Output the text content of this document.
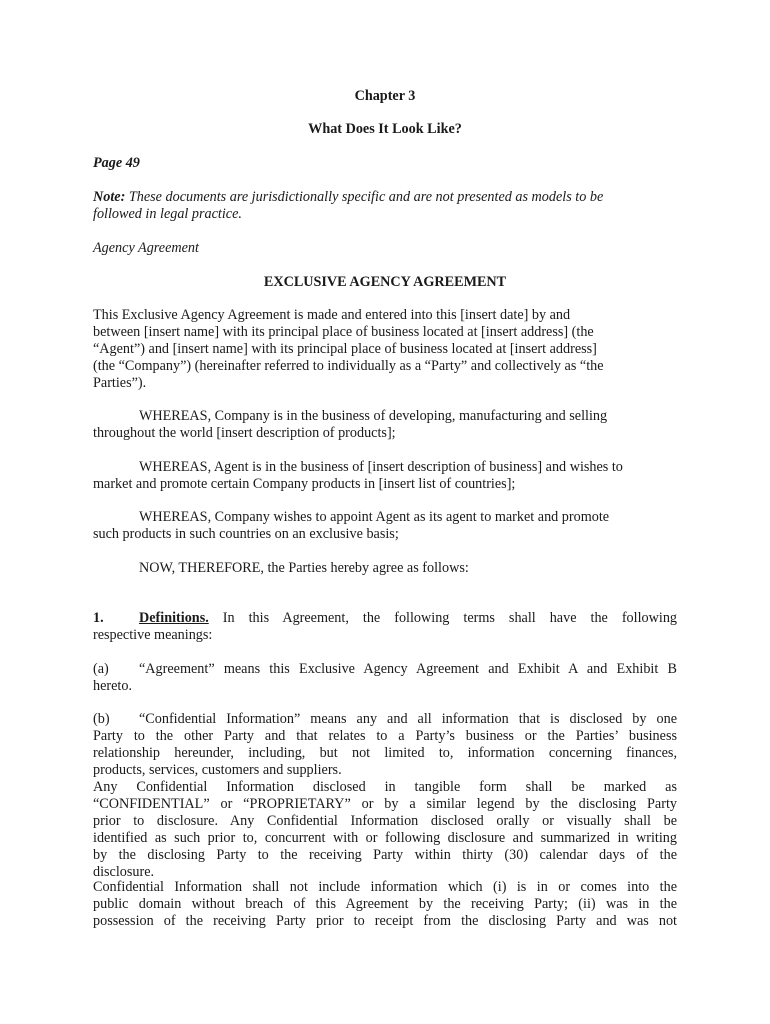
Chapter 3
What Does It Look Like?
Page 49
Note: These documents are jurisdictionally specific and are not presented as models to be
followed in legal practice.
Agency Agreement
EXCLUSIVE AGENCY AGREEMENT
This Exclusive Agency Agreement is made and entered into this [insert date] by and
between [insert name] with its principal place of business located at [insert address] (the
“Agent”) and [insert name] with its principal place of business located at [insert address]
(the “Company”) (hereinafter referred to individually as a “Party” and collectively as “the
Parties”).
WHEREAS, Company is in the business of developing, manufacturing and selling
throughout the world [insert description of products];
WHEREAS, Agent is in the business of [insert description of business] and wishes to
market and promote certain Company products in [insert list of countries];
WHEREAS, Company wishes to appoint Agent as its agent to market and promote
such products in such countries on an exclusive basis;
NOW, THEREFORE, the Parties hereby agree as follows:
1. Definitions. In this Agreement, the following terms shall have the following
respective meanings:
(a) “Agreement” means this Exclusive Agency Agreement and Exhibit A and Exhibit B
hereto.
(b) “Confidential Information” means any and all information that is disclosed by one
Party to the other Party and that relates to a Party’s business or the Parties’ business
relationship hereunder, including, but not limited to, information concerning finances,
products, services, customers and suppliers.
Any Confidential Information disclosed in tangible form shall be marked as
“CONFIDENTIAL” or “PROPRIETARY” or by a similar legend by the disclosing Party
prior to disclosure. Any Confidential Information disclosed orally or visually shall be
identified as such prior to, concurrent with or following disclosure and summarized in writing
by the disclosing Party to the receiving Party within thirty (30) calendar days of the
disclosure.
Confidential Information shall not include information which (i) is in or comes into the
public domain without breach of this Agreement by the receiving Party; (ii) was in the
possession of the receiving Party prior to receipt from the disclosing Party and was not
